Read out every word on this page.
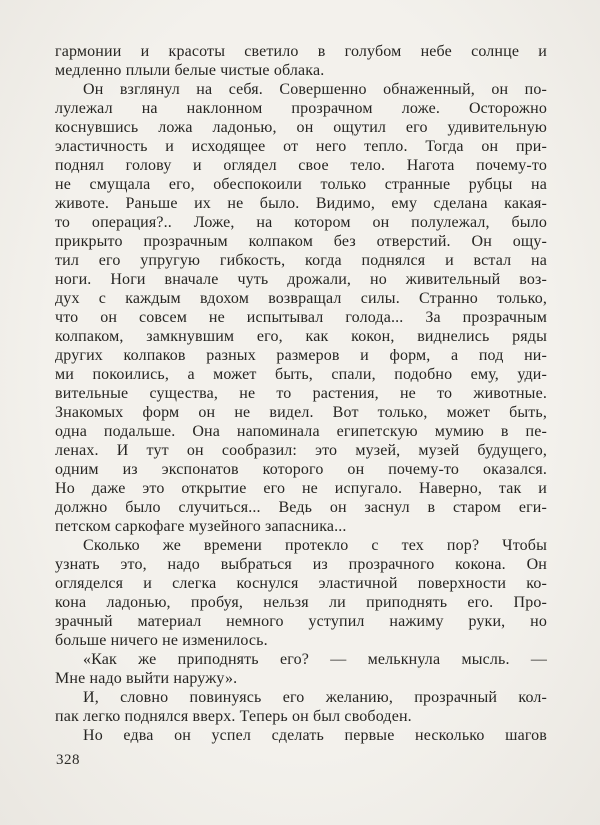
гармонии и красоты светило в голубом небе солнце и
медленно плыли белые чистые облака.
Он взглянул на себя. Совершенно обнаженный, он по-
лулежал на наклонном прозрачном ложе. Осторожно
коснувшись ложа ладонью, он ощутил его удивительную
эластичность и исходящее от него тепло. Тогда он при-
поднял голову и оглядел свое тело. Нагота почему-то
не смущала его, обеспокоили только странные рубцы на
животе. Раньше их не было. Видимо, ему сделана какая-
то операция?.. Ложе, на котором он полулежал, было
прикрыто прозрачным колпаком без отверстий. Он ощу-
тил его упругую гибкость, когда поднялся и встал на
ноги. Ноги вначале чуть дрожали, но живительный воз-
дух с каждым вдохом возвращал силы. Странно только,
что он совсем не испытывал голода... За прозрачным
колпаком, замкнувшим его, как кокон, виднелись ряды
других колпаков разных размеров и форм, а под ни-
ми покоились, а может быть, спали, подобно ему, уди-
вительные существа, не то растения, не то животные.
Знакомых форм он не видел. Вот только, может быть,
одна подальше. Она напоминала египетскую мумию в пе-
ленах. И тут он сообразил: это музей, музей будущего,
одним из экспонатов которого он почему-то оказался.
Но даже это открытие его не испугало. Наверно, так и
должно было случиться... Ведь он заснул в старом еги-
петском саркофаге музейного запасника...
Сколько же времени протекло с тех пор? Чтобы
узнать это, надо выбраться из прозрачного кокона. Он
огляделся и слегка коснулся эластичной поверхности ко-
кона ладонью, пробуя, нельзя ли приподнять его. Про-
зрачный материал немного уступил нажиму руки, но
больше ничего не изменилось.
«Как же приподнять его? — мелькнула мысль. —
Мне надо выйти наружу».
И, словно повинуясь его желанию, прозрачный кол-
пак легко поднялся вверх. Теперь он был свободен.
Но едва он успел сделать первые несколько шагов
328
